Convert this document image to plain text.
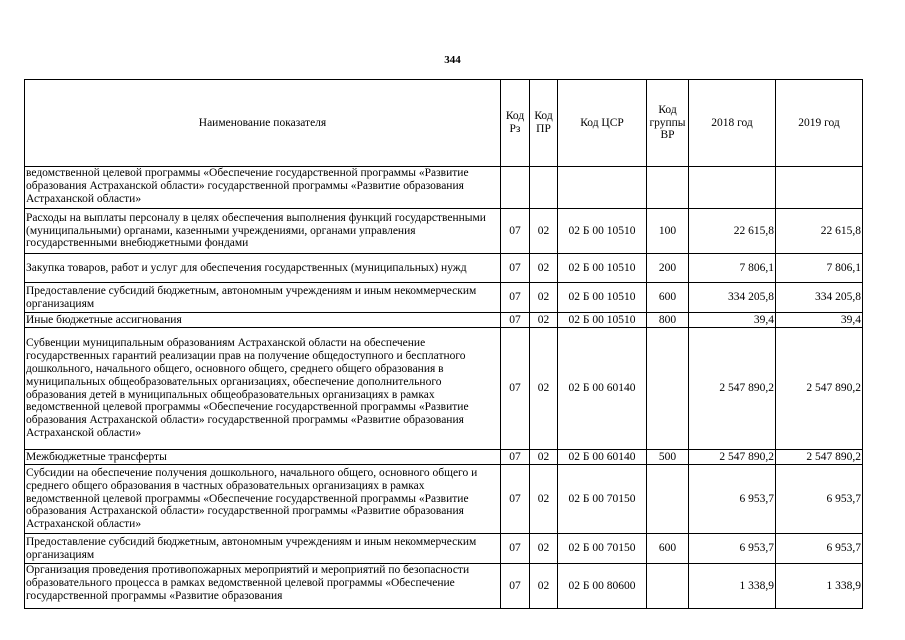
344
Наименование показателя	Код Рз	Код ПР	Код ЦСР	Код группы ВР	2018 год	2019 год
ведомственной целевой программы «Обеспечение государственной программы «Развитие образования Астраханской области» государственной программы «Развитие образования Астраханской области»						
Расходы на выплаты персоналу в целях обеспечения выполнения функций государственными (муниципальными) органами, казенными учреждениями, органами управления государственными внебюджетными фондами	07	02	02 Б 00 10510	100	22 615,8	22 615,8
Закупка товаров, работ и услуг для обеспечения государственных (муниципальных) нужд	07	02	02 Б 00 10510	200	7 806,1	7 806,1
Предоставление субсидий бюджетным, автономным учреждениям и иным некоммерческим организациям	07	02	02 Б 00 10510	600	334 205,8	334 205,8
Иные бюджетные ассигнования	07	02	02 Б 00 10510	800	39,4	39,4
Субвенции муниципальным образованиям Астраханской области на обеспечение государственных гарантий реализации прав на получение общедоступного и бесплатного дошкольного, начального общего, основного общего, среднего общего образования в муниципальных общеобразовательных организациях, обеспечение дополнительного образования детей в муниципальных общеобразовательных организациях в рамках ведомственной целевой программы «Обеспечение государственной программы «Развитие образования Астраханской области» государственной программы «Развитие образования Астраханской области»	07	02	02 Б 00 60140		2 547 890,2	2 547 890,2
Межбюджетные трансферты	07	02	02 Б 00 60140	500	2 547 890,2	2 547 890,2
Субсидии на обеспечение получения дошкольного, начального общего, основного общего и среднего общего образования в частных образовательных организациях в рамках ведомственной целевой программы «Обеспечение государственной программы «Развитие образования Астраханской области» государственной программы «Развитие образования Астраханской области»	07	02	02 Б 00 70150		6 953,7	6 953,7
Предоставление субсидий бюджетным, автономным учреждениям и иным некоммерческим организациям	07	02	02 Б 00 70150	600	6 953,7	6 953,7
Организация проведения противопожарных мероприятий и мероприятий по безопасности образовательного процесса в рамках ведомственной целевой программы «Обеспечение государственной программы «Развитие образования	07	02	02 Б 00 80600		1 338,9	1 338,9
